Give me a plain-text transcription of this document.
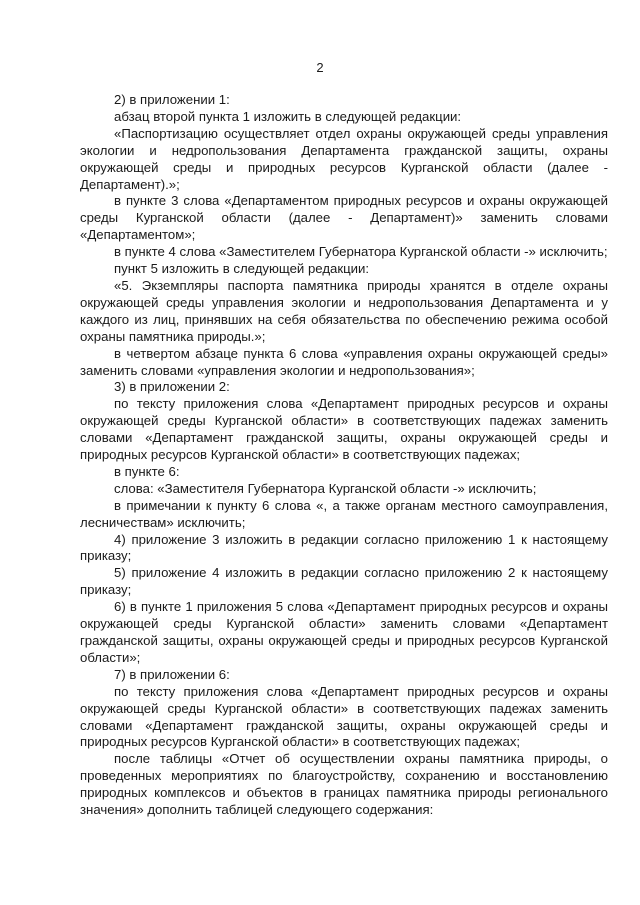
2

2) в приложении 1:

абзац второй пункта 1 изложить в следующей редакции:

«Паспортизацию осуществляет отдел охраны окружающей среды управления экологии и недропользования Департамента гражданской защиты, охраны окружающей среды и природных ресурсов Курганской области (далее - Департамент).»;

в пункте 3 слова «Департаментом природных ресурсов и охраны окружающей среды Курганской области (далее - Департамент)» заменить словами «Департаментом»;

в пункте 4 слова «Заместителем Губернатора Курганской области -» исключить;

пункт 5 изложить в следующей редакции:

«5. Экземпляры паспорта памятника природы хранятся в отделе охраны окружающей среды управления экологии и недропользования Департамента и у каждого из лиц, принявших на себя обязательства по обеспечению режима особой охраны памятника природы.»;

в четвертом абзаце пункта 6 слова «управления охраны окружающей среды» заменить словами «управления экологии и недропользования»;

3) в приложении 2:

по тексту приложения слова «Департамент природных ресурсов и охраны окружающей среды Курганской области» в соответствующих падежах заменить словами «Департамент гражданской защиты, охраны окружающей среды и природных ресурсов Курганской области» в соответствующих падежах;

в пункте 6:

слова: «Заместителя Губернатора Курганской области -» исключить;

в примечании к пункту 6 слова «, а также органам местного самоуправления, лесничествам» исключить;

4) приложение 3 изложить в редакции согласно приложению 1 к настоящему приказу;

5) приложение 4 изложить в редакции согласно приложению 2 к настоящему приказу;

6) в пункте 1 приложения 5 слова «Департамент природных ресурсов и охраны окружающей среды Курганской области» заменить словами «Департамент гражданской защиты, охраны окружающей среды и природных ресурсов Курганской области»;

7) в приложении 6:

по тексту приложения слова «Департамент природных ресурсов и охраны окружающей среды Курганской области» в соответствующих падежах заменить словами «Департамент гражданской защиты, охраны окружающей среды и природных ресурсов Курганской области» в соответствующих падежах;

после таблицы «Отчет об осуществлении охраны памятника природы, о проведенных мероприятиях по благоустройству, сохранению и восстановлению природных комплексов и объектов в границах памятника природы регионального значения» дополнить таблицей следующего содержания:
